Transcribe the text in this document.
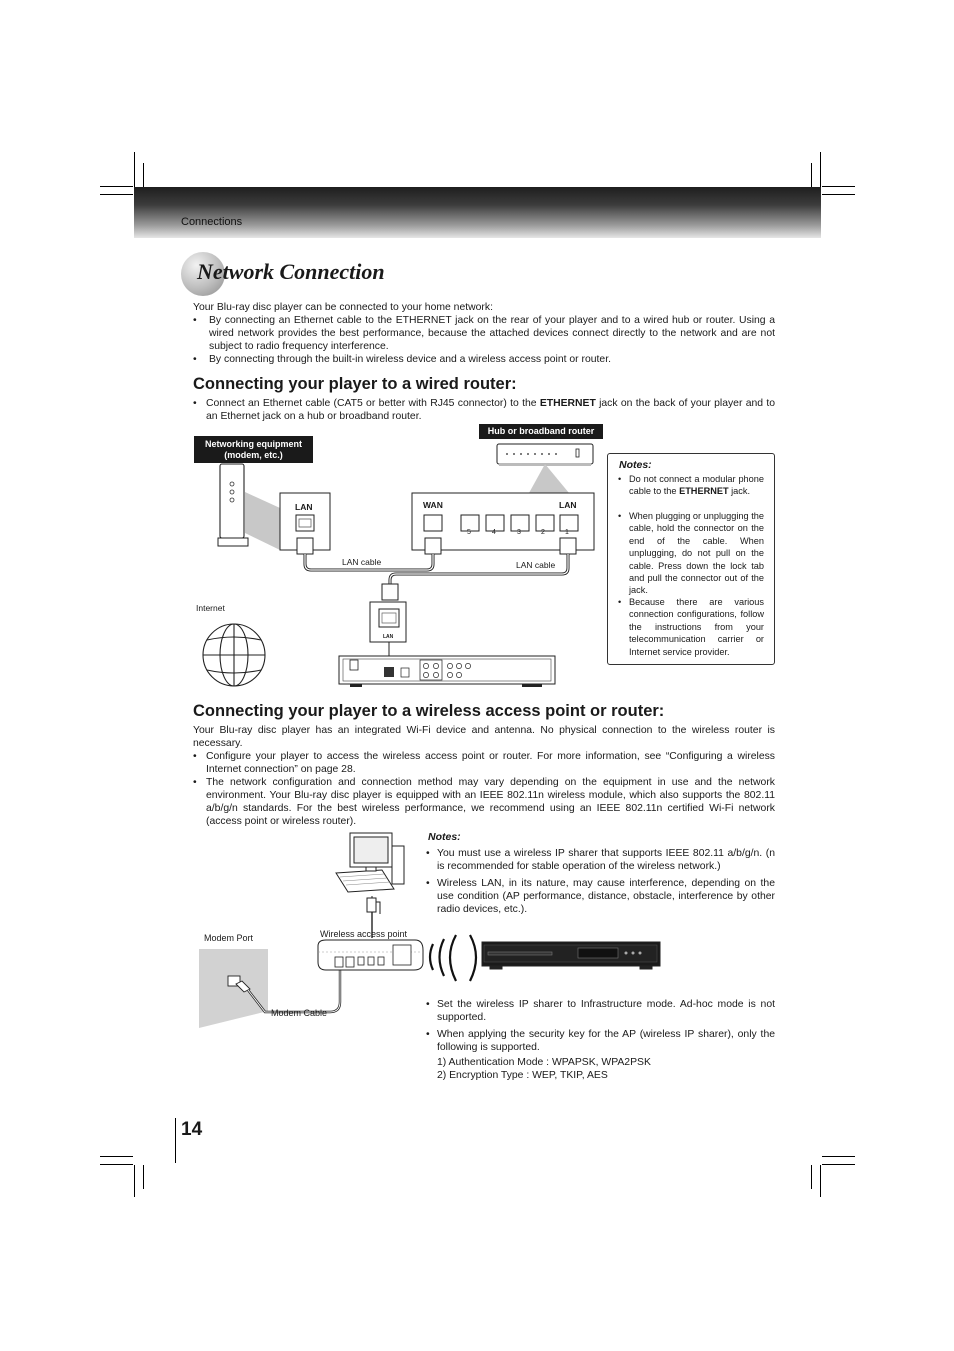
Connections
Network Connection
Your Blu-ray disc player can be connected to your home network:
• By connecting an Ethernet cable to the ETHERNET jack on the rear of your player and to a wired hub or router. Using a wired network provides the best performance, because the attached devices connect directly to the network and are not subject to radio frequency interference.
• By connecting through the built-in wireless device and a wireless access point or router.
Connecting your player to a wired router:
• Connect an Ethernet cable (CAT5 or better with RJ45 connector) to the ETHERNET jack on the back of your player and to an Ethernet jack on a hub or broadband router.
Networking equipment
(modem, etc.)
Hub or broadband router
LAN	WAN	LAN
5	4	3	2	1
LAN cable	LAN cable
LAN
Internet
Notes:
• Do not connect a modular phone cable to the ETHERNET jack.
• When plugging or unplugging the cable, hold the connector on the end of the cable. When unplugging, do not pull on the cable. Press down the lock tab and pull the connector out of the jack.
• Because there are various connection configurations, follow the instructions from your telecommunication carrier or Internet service provider.
Connecting your player to a wireless access point or router:
Your Blu-ray disc player has an integrated Wi-Fi device and antenna. No physical connection to the wireless router is necessary.
• Configure your player to access the wireless access point or router. For more information, see “Configuring a wireless Internet connection” on page 28.
• The network configuration and connection method may vary depending on the equipment in use and the network environment. Your Blu-ray disc player is equipped with an IEEE 802.11n wireless module, which also supports the 802.11 a/b/g/n standards. For the best wireless performance, we recommend using an IEEE 802.11n certified Wi-Fi network (access point or wireless router).
Notes:
• You must use a wireless IP sharer that supports IEEE 802.11 a/b/g/n. (n is recommended for stable operation of the wireless network.)
• Wireless LAN, in its nature, may cause interference, depending on the use condition (AP performance, distance, obstacle, interference by other radio devices, etc.).
• Set the wireless IP sharer to Infrastructure mode. Ad-hoc mode is not supported.
• When applying the security key for the AP (wireless IP sharer), only the following is supported.
1) Authentication Mode : WPAPSK, WPA2PSK
2) Encryption Type : WEP, TKIP, AES
Modem Port	Wireless access point
Modem Cable
14
